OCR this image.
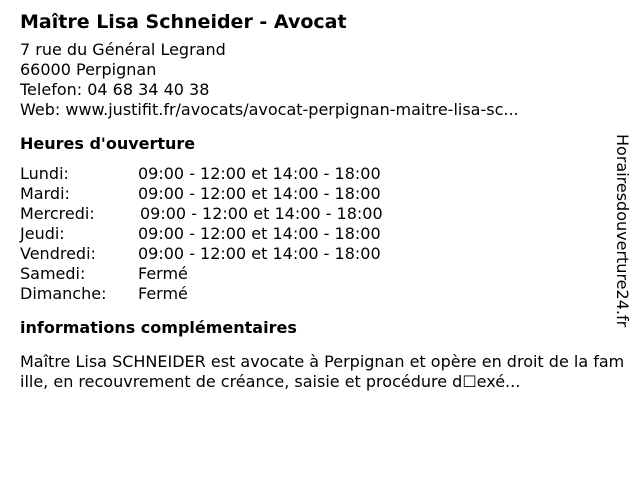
Maître Lisa Schneider - Avocat
7 rue du Général Legrand
66000 Perpignan
Telefon: 04 68 34 40 38
Web: www.justifit.fr/avocats/avocat-perpignan-maitre-lisa-sc...
Heures d'ouverture
Lundi:	09:00 - 12:00 et 14:00 - 18:00
Mardi:	09:00 - 12:00 et 14:00 - 18:00
Mercredi:	09:00 - 12:00 et 14:00 - 18:00
Jeudi:	09:00 - 12:00 et 14:00 - 18:00
Vendredi:	09:00 - 12:00 et 14:00 - 18:00
Samedi:	Fermé
Dimanche: Fermé
informations complémentaires
Maître Lisa SCHNEIDER est avocate à Perpignan et opère en droit de la famille, en recouvrement de créance, saisie et procédure d☐exé...
Horairesdouverture24.fr
